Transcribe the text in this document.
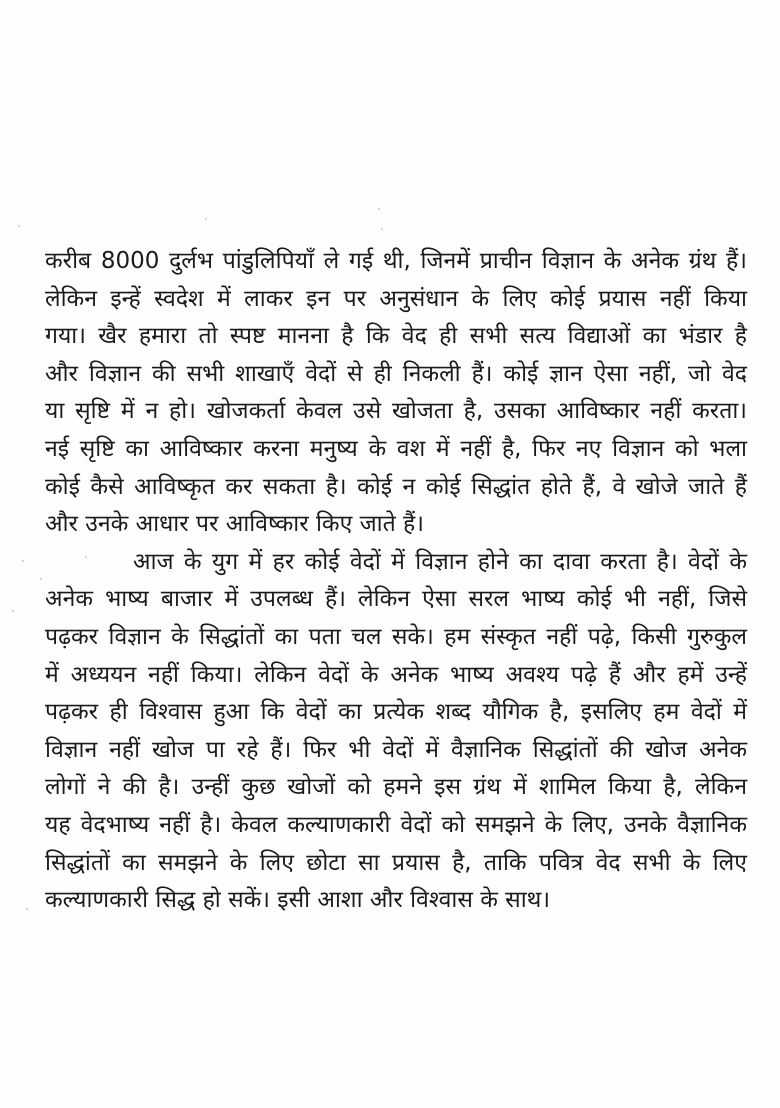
करीब 8000 दुर्लभ पांडुलिपियाँ ले गई थी, जिनमें प्राचीन विज्ञान के अनेक ग्रंथ हैं।
लेकिन इन्हें स्वदेश में लाकर इन पर अनुसंधान के लिए कोई प्रयास नहीं किया
गया। खैर हमारा तो स्पष्ट मानना है कि वेद ही सभी सत्य विद्याओं का भंडार है
और विज्ञान की सभी शाखाएँ वेदों से ही निकली हैं। कोई ज्ञान ऐसा नहीं, जो वेद
या सृष्टि में न हो। खोजकर्ता केवल उसे खोजता है, उसका आविष्कार नहीं करता।
नई सृष्टि का आविष्कार करना मनुष्य के वश में नहीं है, फिर नए विज्ञान को भला
कोई कैसे आविष्कृत कर सकता है। कोई न कोई सिद्धांत होते हैं, वे खोजे जाते हैं
और उनके आधार पर आविष्कार किए जाते हैं।
आज के युग में हर कोई वेदों में विज्ञान होने का दावा करता है। वेदों के
अनेक भाष्य बाजार में उपलब्ध हैं। लेकिन ऐसा सरल भाष्य कोई भी नहीं, जिसे
पढ़कर विज्ञान के सिद्धांतों का पता चल सके। हम संस्कृत नहीं पढ़े, किसी गुरुकुल
में अध्ययन नहीं किया। लेकिन वेदों के अनेक भाष्य अवश्य पढ़े हैं और हमें उन्हें
पढ़कर ही विश्वास हुआ कि वेदों का प्रत्येक शब्द यौगिक है, इसलिए हम वेदों में
विज्ञान नहीं खोज पा रहे हैं। फिर भी वेदों में वैज्ञानिक सिद्धांतों की खोज अनेक
लोगों ने की है। उन्हीं कुछ खोजों को हमने इस ग्रंथ में शामिल किया है, लेकिन
यह वेदभाष्य नहीं है। केवल कल्याणकारी वेदों को समझने के लिए, उनके वैज्ञानिक
सिद्धांतों का समझने के लिए छोटा सा प्रयास है, ताकि पवित्र वेद सभी के लिए
कल्याणकारी सिद्ध हो सकें। इसी आशा और विश्वास के साथ।
